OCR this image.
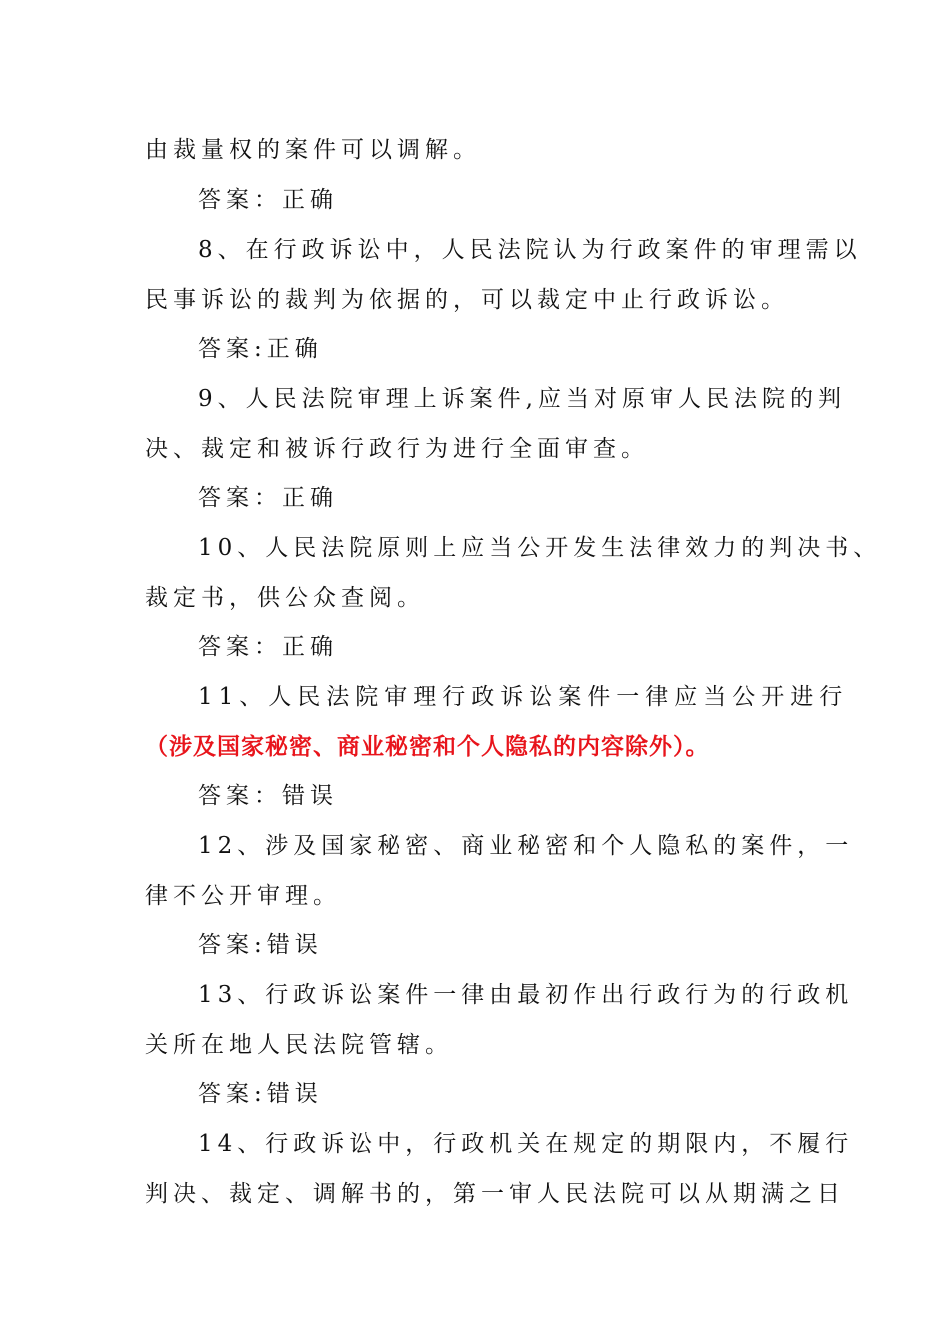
由裁量权的案件可以调解。
答案：正确
8、在行政诉讼中，人民法院认为行政案件的审理需以
民事诉讼的裁判为依据的，可以裁定中止行政诉讼。
答案:正确
9、人民法院审理上诉案件,应当对原审人民法院的判
决、裁定和被诉行政行为进行全面审查。
答案：正确
10、人民法院原则上应当公开发生法律效力的判决书、
裁定书，供公众查阅。
答案：正确
11、人民法院审理行政诉讼案件一律应当公开进行
（涉及国家秘密、商业秘密和个人隐私的内容除外）。
答案：错误
12、涉及国家秘密、商业秘密和个人隐私的案件，一
律不公开审理。
答案:错误
13、行政诉讼案件一律由最初作出行政行为的行政机
关所在地人民法院管辖。
答案:错误
14、行政诉讼中，行政机关在规定的期限内，不履行
判决、裁定、调解书的，第一审人民法院可以从期满之日
